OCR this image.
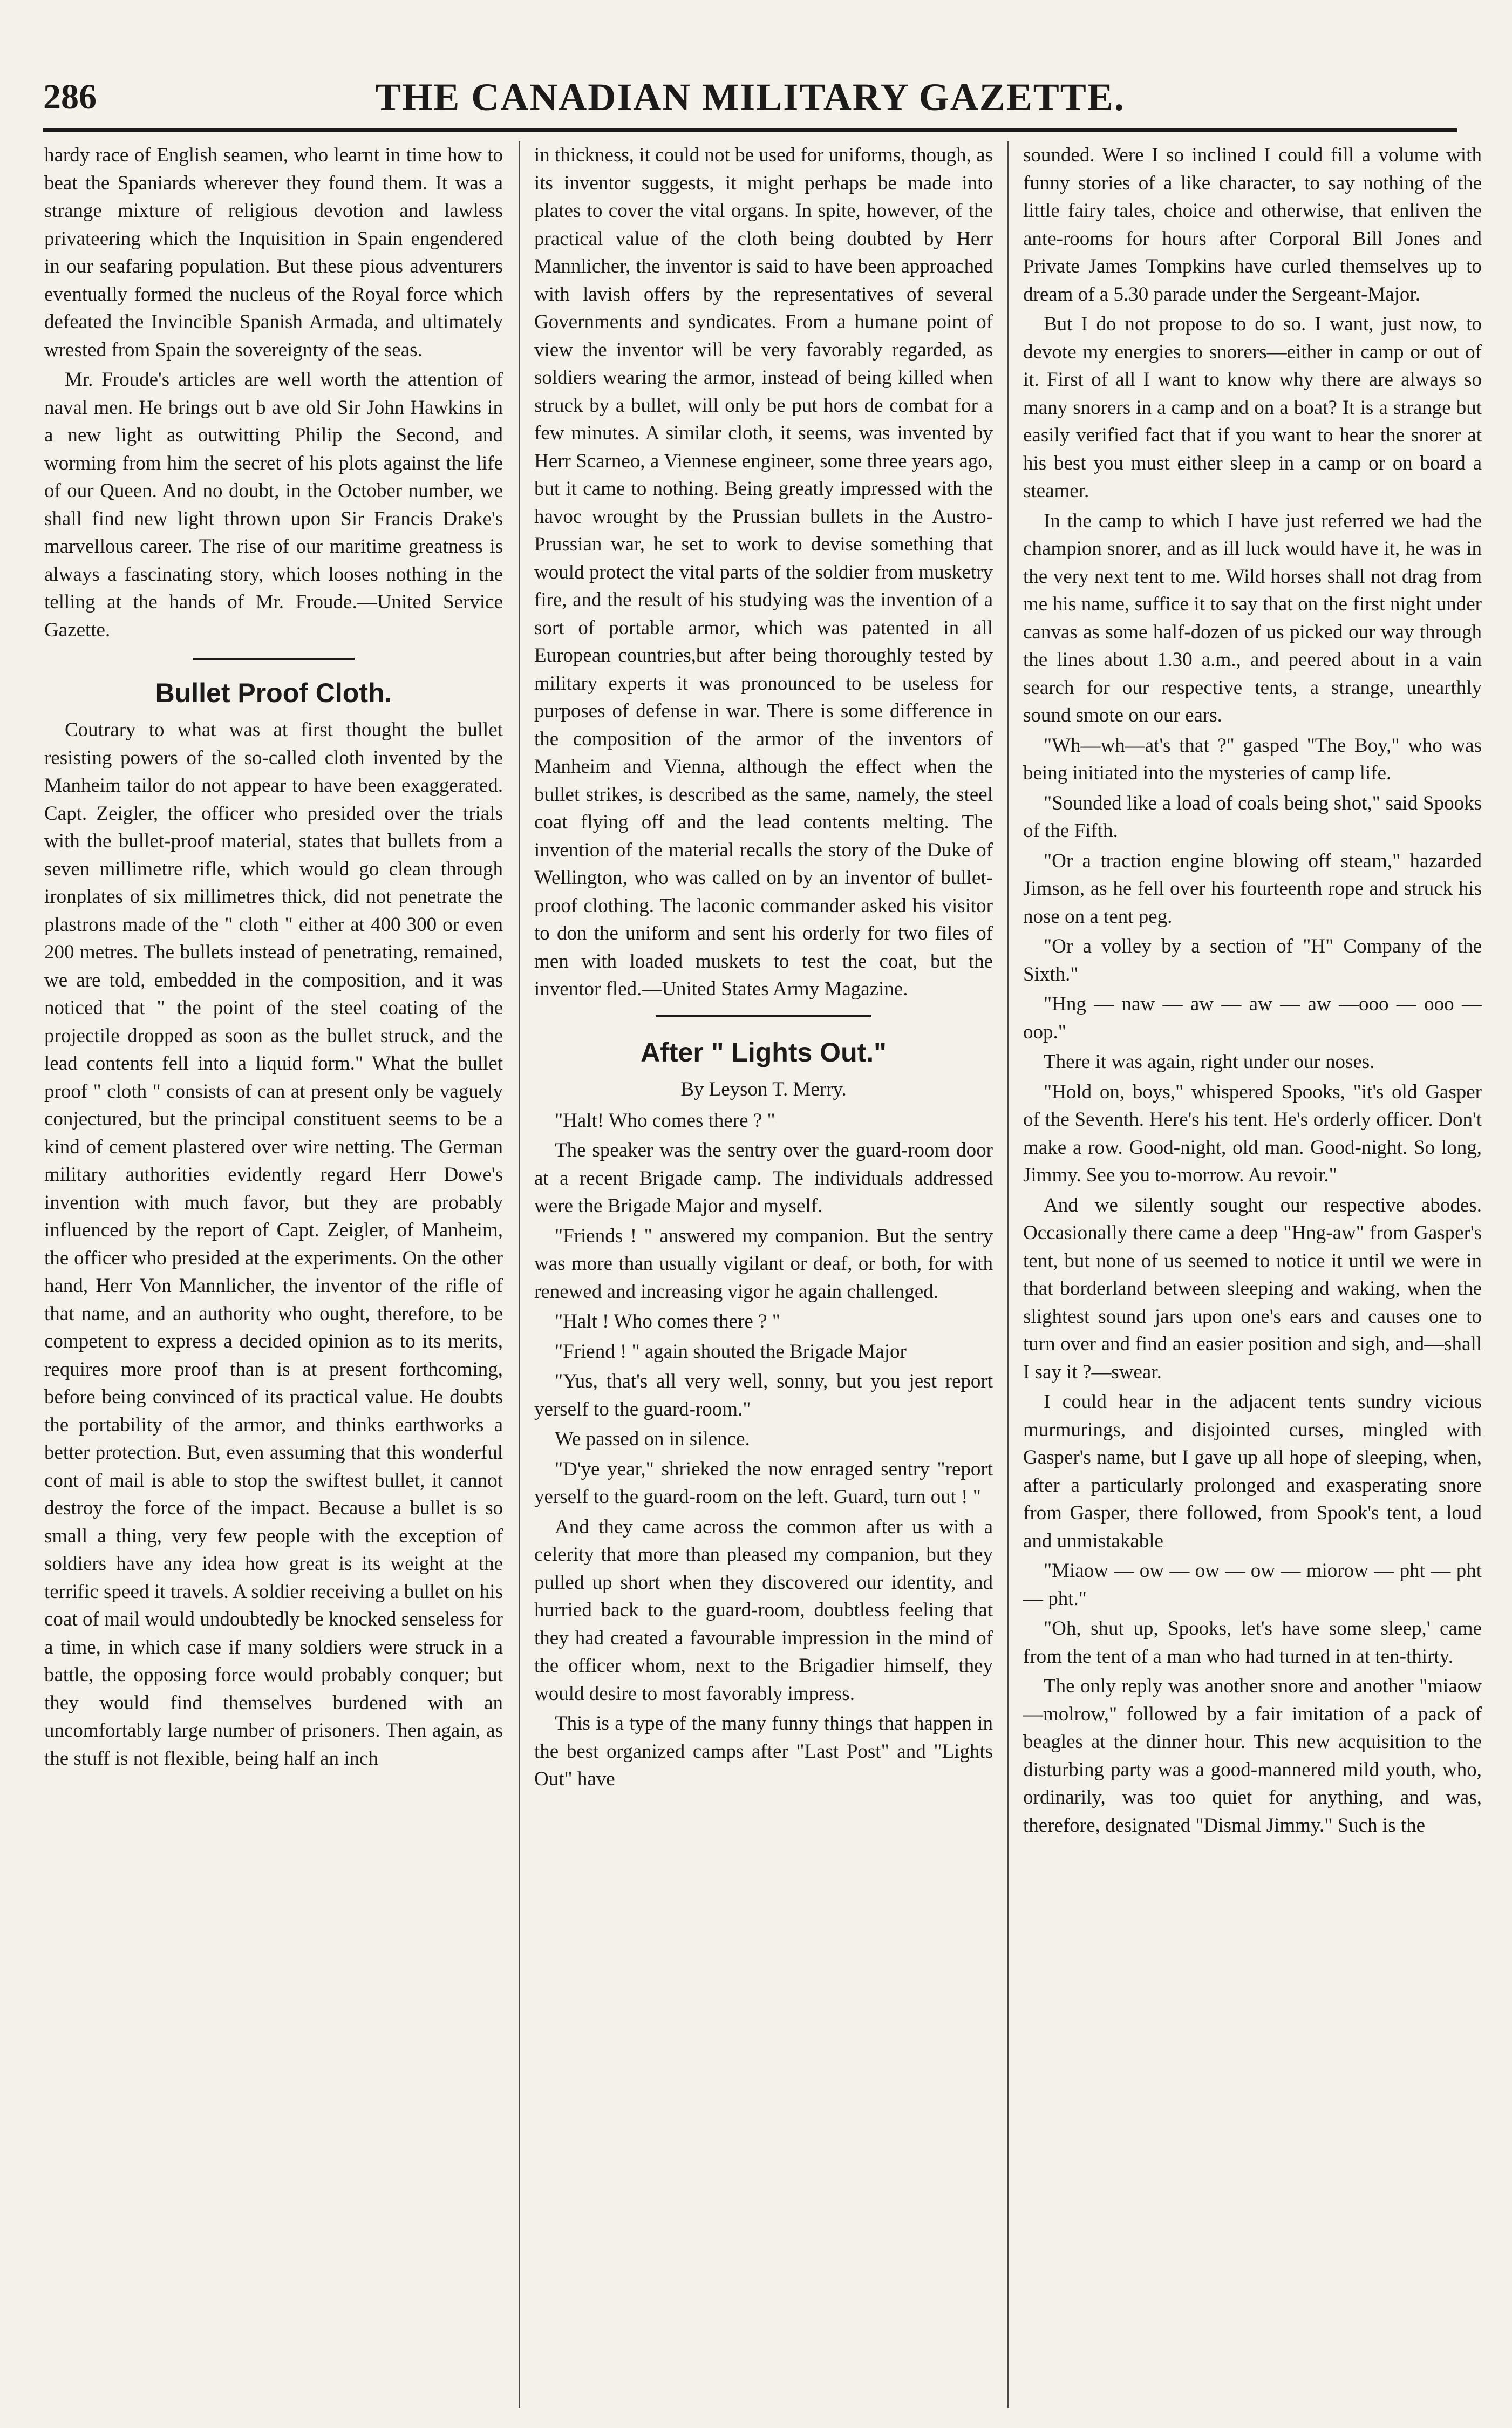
286	THE CANADIAN MILITARY GAZETTE.

hardy race of English seamen, who learnt in time how to beat the Spaniards wherever they found them. It was a strange mixture of religious devotion and lawless privateering which the Inquisition in Spain engendered in our seafaring population. But these pious adventurers eventually formed the nucleus of the Royal force which defeated the Invincible Spanish Armada, and ultimately wrested from Spain the sovereignty of the seas.

Mr. Froude's articles are well worth the attention of naval men. He brings out b ave old Sir John Hawkins in a new light as outwitting Philip the Second, and worming from him the secret of his plots against the life of our Queen. And no doubt, in the October number, we shall find new light thrown upon Sir Francis Drake's marvellous career. The rise of our maritime greatness is always a fascinating story, which looses nothing in the telling at the hands of Mr. Froude.—United Service Gazette.

Bullet Proof Cloth.

Coutrary to what was at first thought the bullet resisting powers of the so-called cloth invented by the Manheim tailor do not appear to have been exaggerated. Capt. Zeigler, the officer who presided over the trials with the bullet-proof material, states that bullets from a seven millimetre rifle, which would go clean through ironplates of six millimetres thick, did not penetrate the plastrons made of the " cloth " either at 400 300 or even 200 metres. The bullets instead of penetrating, remained, we are told, embedded in the composition, and it was noticed that " the point of the steel coating of the projectile dropped as soon as the bullet struck, and the lead contents fell into a liquid form." What the bullet proof " cloth " consists of can at present only be vaguely conjectured, but the principal constituent seems to be a kind of cement plastered over wire netting. The German military authorities evidently regard Herr Dowe's invention with much favor, but they are probably influenced by the report of Capt. Zeigler, of Manheim, the officer who presided at the experiments. On the other hand, Herr Von Mannlicher, the inventor of the rifle of that name, and an authority who ought, therefore, to be competent to express a decided opinion as to its merits, requires more proof than is at present forthcoming, before being convinced of its practical value. He doubts the portability of the armor, and thinks earthworks a better protection. But, even assuming that this wonderful cont of mail is able to stop the swiftest bullet, it cannot destroy the force of the impact. Because a bullet is so small a thing, very few people with the exception of soldiers have any idea how great is its weight at the terrific speed it travels. A soldier receiving a bullet on his coat of mail would undoubtedly be knocked senseless for a time, in which case if many soldiers were struck in a battle, the opposing force would probably conquer; but they would find themselves burdened with an uncomfortably large number of prisoners. Then again, as the stuff is not flexible, being half an inch

in thickness, it could not be used for uniforms, though, as its inventor suggests, it might perhaps be made into plates to cover the vital organs. In spite, however, of the practical value of the cloth being doubted by Herr Mannlicher, the inventor is said to have been approached with lavish offers by the representatives of several Governments and syndicates. From a humane point of view the inventor will be very favorably regarded, as soldiers wearing the armor, instead of being killed when struck by a bullet, will only be put hors de combat for a few minutes. A similar cloth, it seems, was invented by Herr Scarneo, a Viennese engineer, some three years ago, but it came to nothing. Being greatly impressed with the havoc wrought by the Prussian bullets in the Austro-Prussian war, he set to work to devise something that would protect the vital parts of the soldier from musketry fire, and the result of his studying was the invention of a sort of portable armor, which was patented in all European countries,but after being thoroughly tested by military experts it was pronounced to be useless for purposes of defense in war. There is some difference in the composition of the armor of the inventors of Manheim and Vienna, although the effect when the bullet strikes, is described as the same, namely, the steel coat flying off and the lead contents melting. The invention of the material recalls the story of the Duke of Wellington, who was called on by an inventor of bullet-proof clothing. The laconic commander asked his visitor to don the uniform and sent his orderly for two files of men with loaded muskets to test the coat, but the inventor fled.—United States Army Magazine.

After " Lights Out."
By Leyson T. Merry.

"Halt! Who comes there ? "

The speaker was the sentry over the guard-room door at a recent Brigade camp. The individuals addressed were the Brigade Major and myself.

"Friends ! " answered my companion. But the sentry was more than usually vigilant or deaf, or both, for with renewed and increasing vigor he again challenged.

"Halt ! Who comes there ? "

"Friend ! " again shouted the Brigade Major

"Yus, that's all very well, sonny, but you jest report yerself to the guard-room."

We passed on in silence.

"D'ye year," shrieked the now enraged sentry "report yerself to the guard-room on the left. Guard, turn out ! "

And they came across the common after us with a celerity that more than pleased my companion, but they pulled up short when they discovered our identity, and hurried back to the guard-room, doubtless feeling that they had created a favourable impression in the mind of the officer whom, next to the Brigadier himself, they would desire to most favorably impress.

This is a type of the many funny things that happen in the best organized camps after "Last Post" and "Lights Out" have

sounded. Were I so inclined I could fill a volume with funny stories of a like character, to say nothing of the little fairy tales, choice and otherwise, that enliven the ante-rooms for hours after Corporal Bill Jones and Private James Tompkins have curled themselves up to dream of a 5.30 parade under the Sergeant-Major.

But I do not propose to do so. I want, just now, to devote my energies to snorers—either in camp or out of it. First of all I want to know why there are always so many snorers in a camp and on a boat? It is a strange but easily verified fact that if you want to hear the snorer at his best you must either sleep in a camp or on board a steamer.

In the camp to which I have just referred we had the champion snorer, and as ill luck would have it, he was in the very next tent to me. Wild horses shall not drag from me his name, suffice it to say that on the first night under canvas as some half-dozen of us picked our way through the lines about 1.30 a.m., and peered about in a vain search for our respective tents, a strange, unearthly sound smote on our ears.

"Wh—wh—at's that ?" gasped "The Boy," who was being initiated into the mysteries of camp life.

"Sounded like a load of coals being shot," said Spooks of the Fifth.

"Or a traction engine blowing off steam," hazarded Jimson, as he fell over his fourteenth rope and struck his nose on a tent peg.

"Or a volley by a section of "H" Company of the Sixth."

"Hng — naw — aw — aw — aw —ooo — ooo — oop."

There it was again, right under our noses.

"Hold on, boys," whispered Spooks, "it's old Gasper of the Seventh. Here's his tent. He's orderly officer. Don't make a row. Good-night, old man. Good-night. So long, Jimmy. See you to-morrow. Au revoir."

And we silently sought our respective abodes. Occasionally there came a deep "Hng-aw" from Gasper's tent, but none of us seemed to notice it until we were in that borderland between sleeping and waking, when the slightest sound jars upon one's ears and causes one to turn over and find an easier position and sigh, and—shall I say it ?—swear.

I could hear in the adjacent tents sundry vicious murmurings, and disjointed curses, mingled with Gasper's name, but I gave up all hope of sleeping, when, after a particularly prolonged and exasperating snore from Gasper, there followed, from Spook's tent, a loud and unmistakable

"Miaow — ow — ow — ow — miorow — pht — pht — pht."

"Oh, shut up, Spooks, let's have some sleep,' came from the tent of a man who had turned in at ten-thirty.

The only reply was another snore and another "miaow—molrow," followed by a fair imitation of a pack of beagles at the dinner hour. This new acquisition to the disturbing party was a good-mannered mild youth, who, ordinarily, was too quiet for anything, and was, therefore, designated "Dismal Jimmy." Such is the
